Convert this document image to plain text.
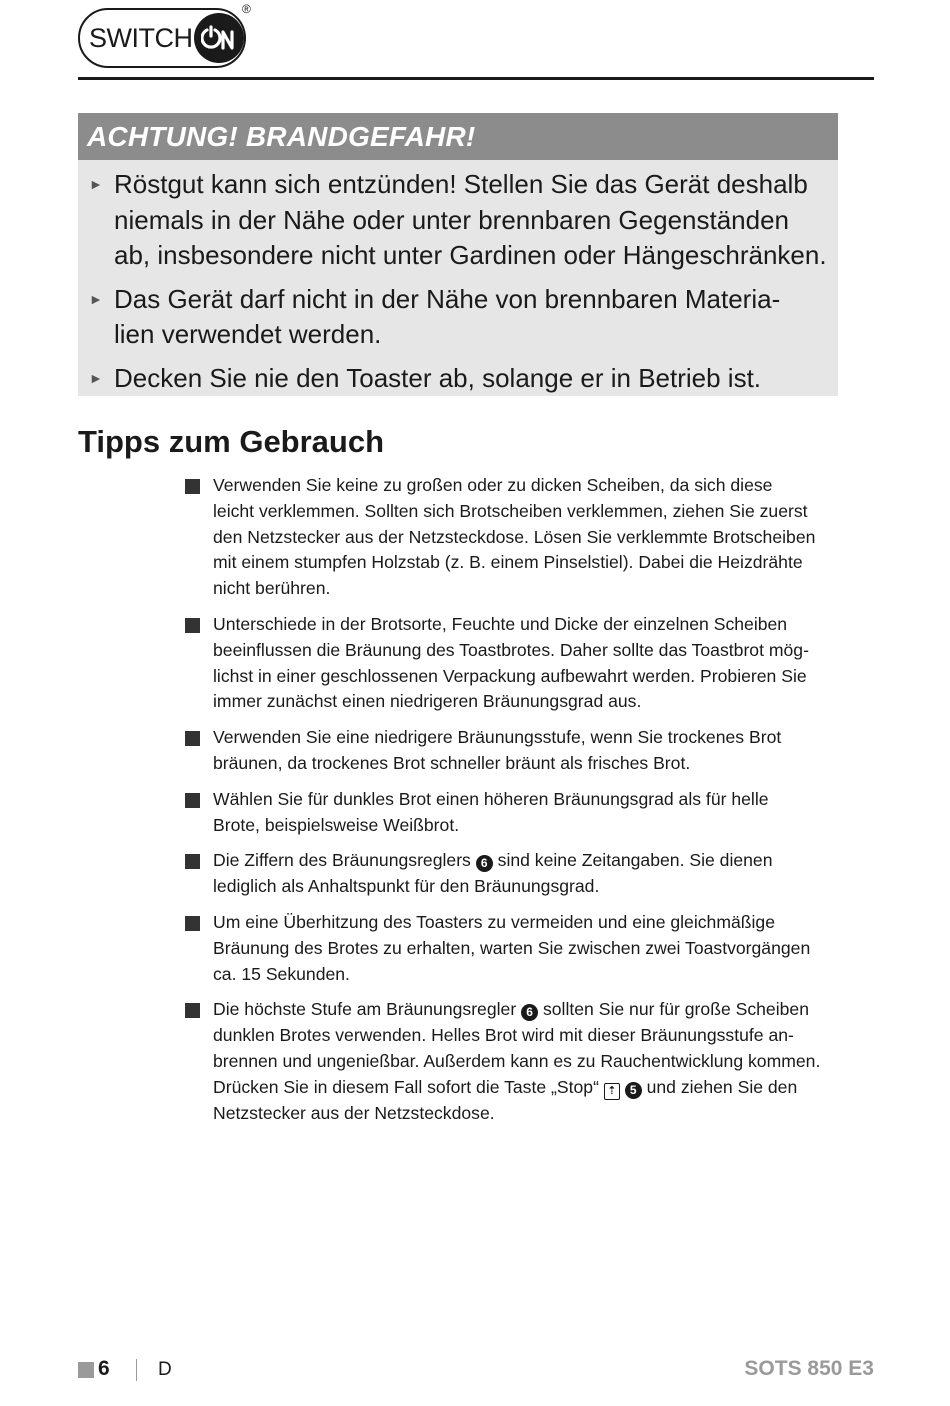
SWITCH
®
ACHTUNG! BRANDGEFAHR!
► Röstgut kann sich entzünden! Stellen Sie das Gerät deshalb
niemals in der Nähe oder unter brennbaren Gegenständen
ab, insbesondere nicht unter Gardinen oder Hängeschränken.
► Das Gerät darf nicht in der Nähe von brennbaren Materia-
lien verwendet werden.
► Decken Sie nie den Toaster ab, solange er in Betrieb ist.
Tipps zum Gebrauch
Verwenden Sie keine zu großen oder zu dicken Scheiben, da sich diese
leicht verklemmen. Sollten sich Brotscheiben verklemmen, ziehen Sie zuerst
den Netzstecker aus der Netzsteckdose. Lösen Sie verklemmte Brotscheiben
mit einem stumpfen Holzstab (z. B. einem Pinselstiel). Dabei die Heizdrähte
nicht berühren.
Unterschiede in der Brotsorte, Feuchte und Dicke der einzelnen Scheiben
beeinflussen die Bräunung des Toastbrotes. Daher sollte das Toastbrot mög-
lichst in einer geschlossenen Verpackung aufbewahrt werden. Probieren Sie
immer zunächst einen niedrigeren Bräunungsgrad aus.
Verwenden Sie eine niedrigere Bräunungsstufe, wenn Sie trockenes Brot
bräunen, da trockenes Brot schneller bräunt als frisches Brot.
Wählen Sie für dunkles Brot einen höheren Bräunungsgrad als für helle
Brote, beispielsweise Weißbrot.
Die Ziffern des Bräunungsreglers 6 sind keine Zeitangaben. Sie dienen
lediglich als Anhaltspunkt für den Bräunungsgrad.
Um eine Überhitzung des Toasters zu vermeiden und eine gleichmäßige
Bräunung des Brotes zu erhalten, warten Sie zwischen zwei Toastvorgängen
ca. 15 Sekunden.
Die höchste Stufe am Bräunungsregler 6 sollten Sie nur für große Scheiben
dunklen Brotes verwenden. Helles Brot wird mit dieser Bräunungsstufe an-
brennen und ungenießbar. Außerdem kann es zu Rauchentwicklung kommen.
Drücken Sie in diesem Fall sofort die Taste „Stop“ ⇡ 5 und ziehen Sie den
Netzstecker aus der Netzsteckdose.
6	D	SOTS 850 E3
